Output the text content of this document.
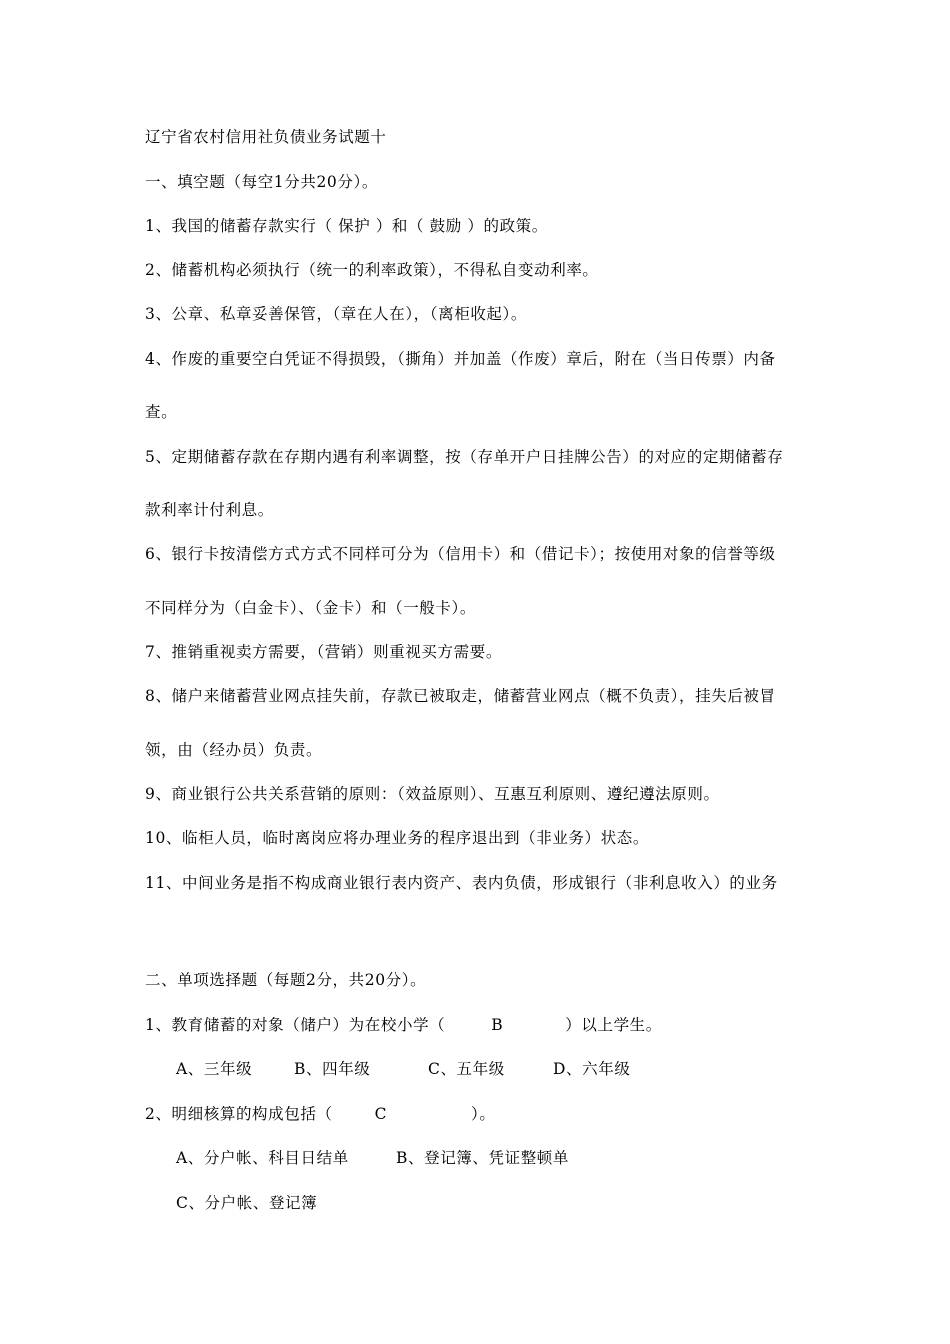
辽宁省农村信用社负债业务试题十
一、填空题（每空1分共20分）。
1、我国的储蓄存款实行（ 保护 ）和（ 鼓励 ）的政策。
2、储蓄机构必须执行（统一的利率政策），不得私自变动利率。
3、公章、私章妥善保管，（章在人在），（离柜收起）。
4、作废的重要空白凭证不得损毁，（撕角）并加盖（作废）章后，附在（当日传票）内备
查。
5、定期储蓄存款在存期内遇有利率调整，按（存单开户日挂牌公告）的对应的定期储蓄存
款利率计付利息。
6、银行卡按清偿方式方式不同样可分为（信用卡）和（借记卡）；按使用对象的信誉等级
不同样分为（白金卡）、（金卡）和（一般卡）。
7、推销重视卖方需要，（营销）则重视买方需要。
8、储户来储蓄营业网点挂失前，存款已被取走，储蓄营业网点（概不负责），挂失后被冒
领，由（经办员）负责。
9、商业银行公共关系营销的原则：（效益原则）、互惠互利原则、遵纪遵法原则。
10、临柜人员，临时离岗应将办理业务的程序退出到（非业务）状态。
11、中间业务是指不构成商业银行表内资产、表内负债，形成银行（非利息收入）的业务
二、单项选择题（每题2分，共20分）。
1、教育储蓄的对象（储户）为在校小学（	B	）以上学生。
A、三年级	B、四年级	C、五年级	D、六年级
2、明细核算的构成包括（	C	）。
A、分户帐、科目日结单	B、登记簿、凭证整顿单
C、分户帐、登记簿
